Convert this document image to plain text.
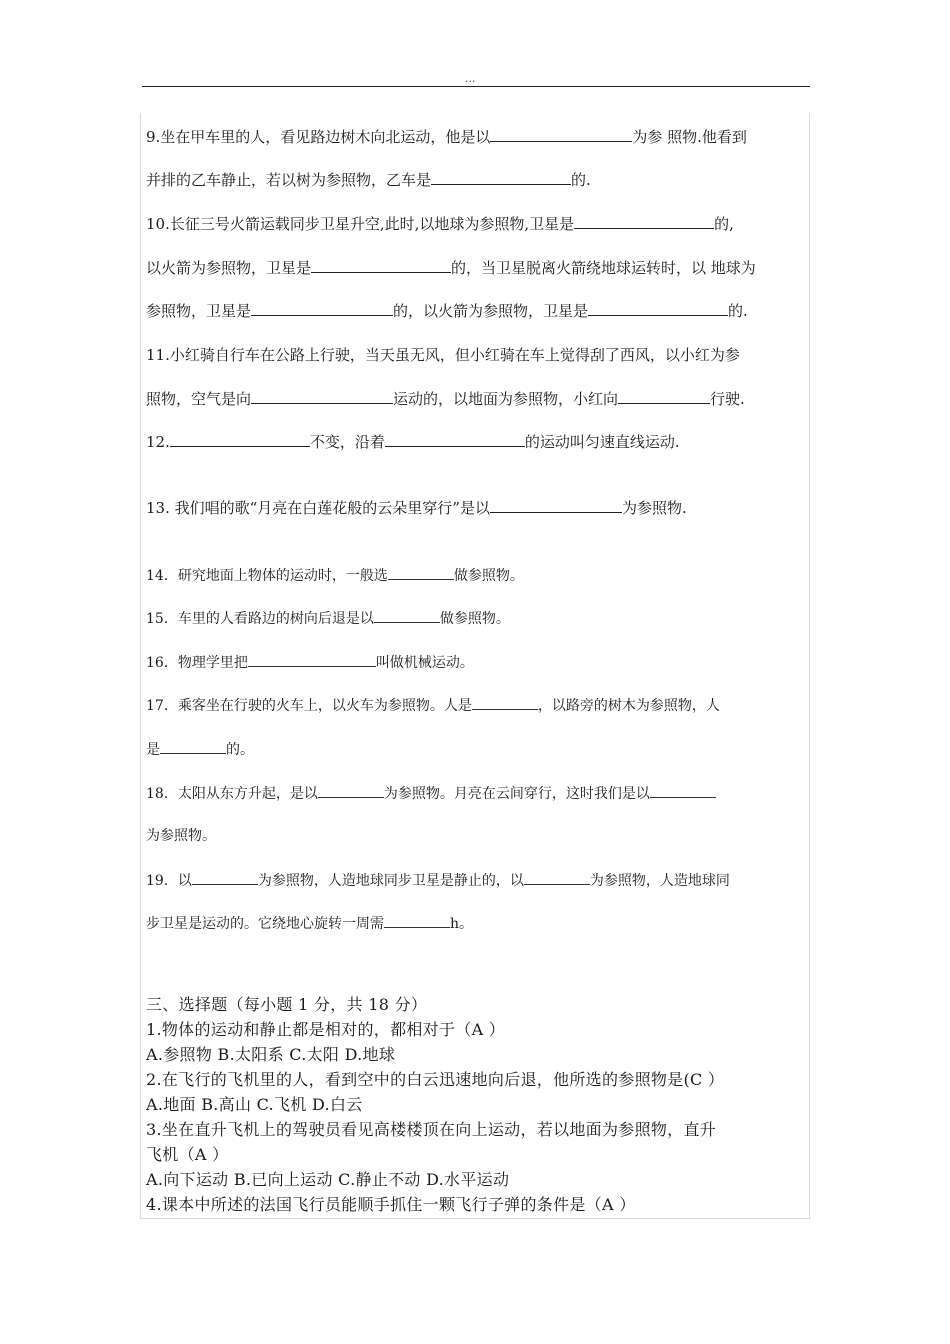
...
9.坐在甲车里的人，看见路边树木向北运动，他是以	为参 照物.他看到
并排的乙车静止，若以树为参照物，乙车是	的.
10.长征三号火箭运载同步卫星升空,此时,以地球为参照物,卫星是	的,
以火箭为参照物，卫星是	的，当卫星脱离火箭绕地球运转时，以 地球为
参照物，卫星是	的，以火箭为参照物，卫星是	的.
11.小红骑自行车在公路上行驶，当天虽无风，但小红骑在车上觉得刮了西风，以小红为参
照物，空气是向	运动的，以地面为参照物，小红向	行驶.
12.	不变，沿着	的运动叫匀速直线运动.
13. 我们唱的歌“月亮在白莲花般的云朵里穿行”是以	为参照物.
14．研究地面上物体的运动时，一般选	做参照物。
15．车里的人看路边的树向后退是以	做参照物。
16．物理学里把	叫做机械运动。
17．乘客坐在行驶的火车上，以火车为参照物。人是	，以路旁的树木为参照物，人
是	的。
18．太阳从东方升起，是以	为参照物。月亮在云间穿行，这时我们是以
为参照物。
19．以	为参照物，人造地球同步卫星是静止的，以	为参照物，人造地球同
步卫星是运动的。它绕地心旋转一周需	h。
三、选择题（每小题 1 分，共 18 分）
1.物体的运动和静止都是相对的，都相对于（A ）
A.参照物 B.太阳系 C.太阳 D.地球
2.在飞行的飞机里的人，看到空中的白云迅速地向后退，他所选的参照物是(C ）
A.地面 B.高山 C.飞机 D.白云
3.坐在直升飞机上的驾驶员看见高楼楼顶在向上运动，若以地面为参照物，直升
飞机（A ）
A.向下运动 B.已向上运动 C.静止不动 D.水平运动
4.课本中所述的法国飞行员能顺手抓住一颗飞行子弹的条件是（A ）
